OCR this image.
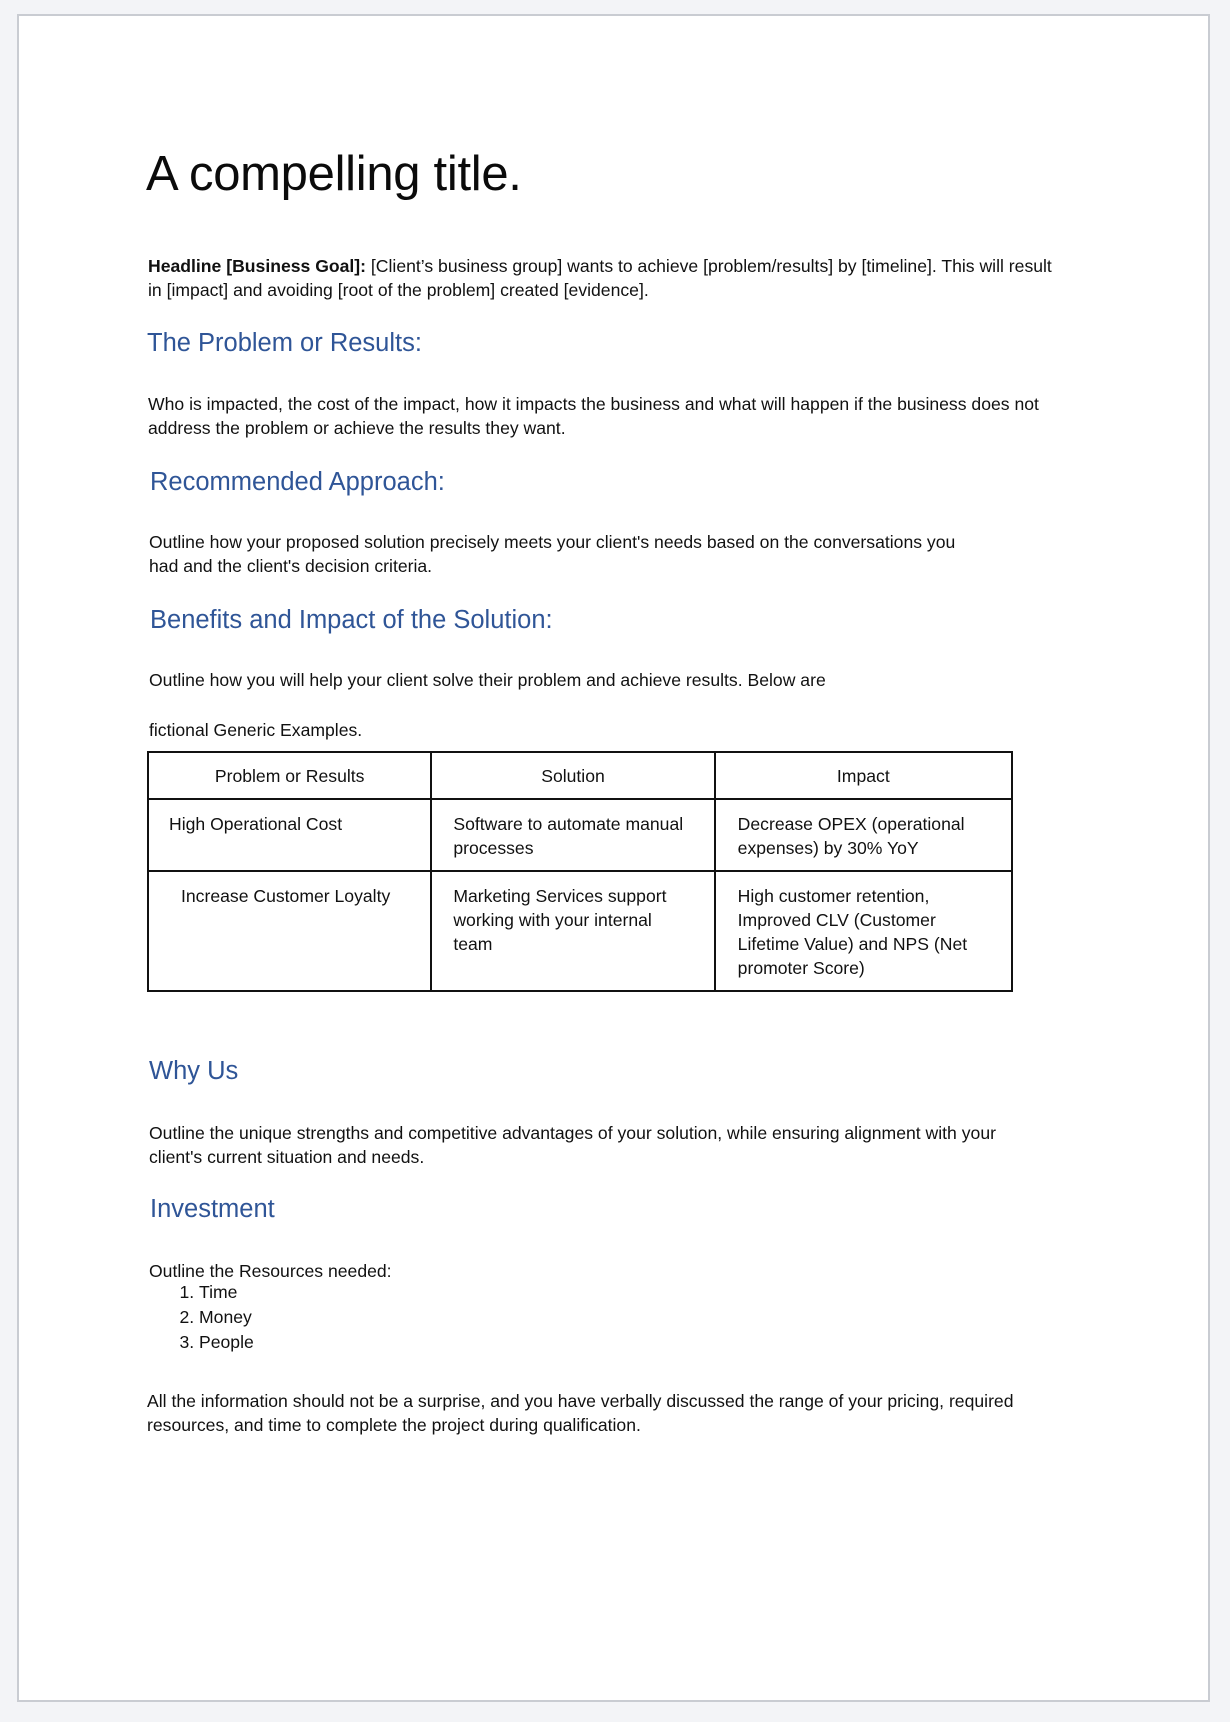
A compelling title.

Headline [Business Goal]: [Client’s business group] wants to achieve [problem/results] by [timeline]. This will result in [impact] and avoiding [root of the problem] created [evidence].

The Problem or Results:

Who is impacted, the cost of the impact, how it impacts the business and what will happen if the business does not address the problem or achieve the results they want.

Recommended Approach:

Outline how your proposed solution precisely meets your client's needs based on the conversations you had and the client's decision criteria.

Benefits and Impact of the Solution:

Outline how you will help your client solve their problem and achieve results. Below are

fictional Generic Examples.

Problem or Results	Solution	Impact
High Operational Cost	Software to automate manual processes	Decrease OPEX (operational expenses) by 30% YoY
Increase Customer Loyalty	Marketing Services support working with your internal team	High customer retention, Improved CLV (Customer Lifetime Value) and NPS (Net promoter Score)
Why Us

Outline the unique strengths and competitive advantages of your solution, while ensuring alignment with your client's current situation and needs.

Investment

Outline the Resources needed:

1. Time
2. Money
3. People

All the information should not be a surprise, and you have verbally discussed the range of your pricing, required resources, and time to complete the project during qualification.
